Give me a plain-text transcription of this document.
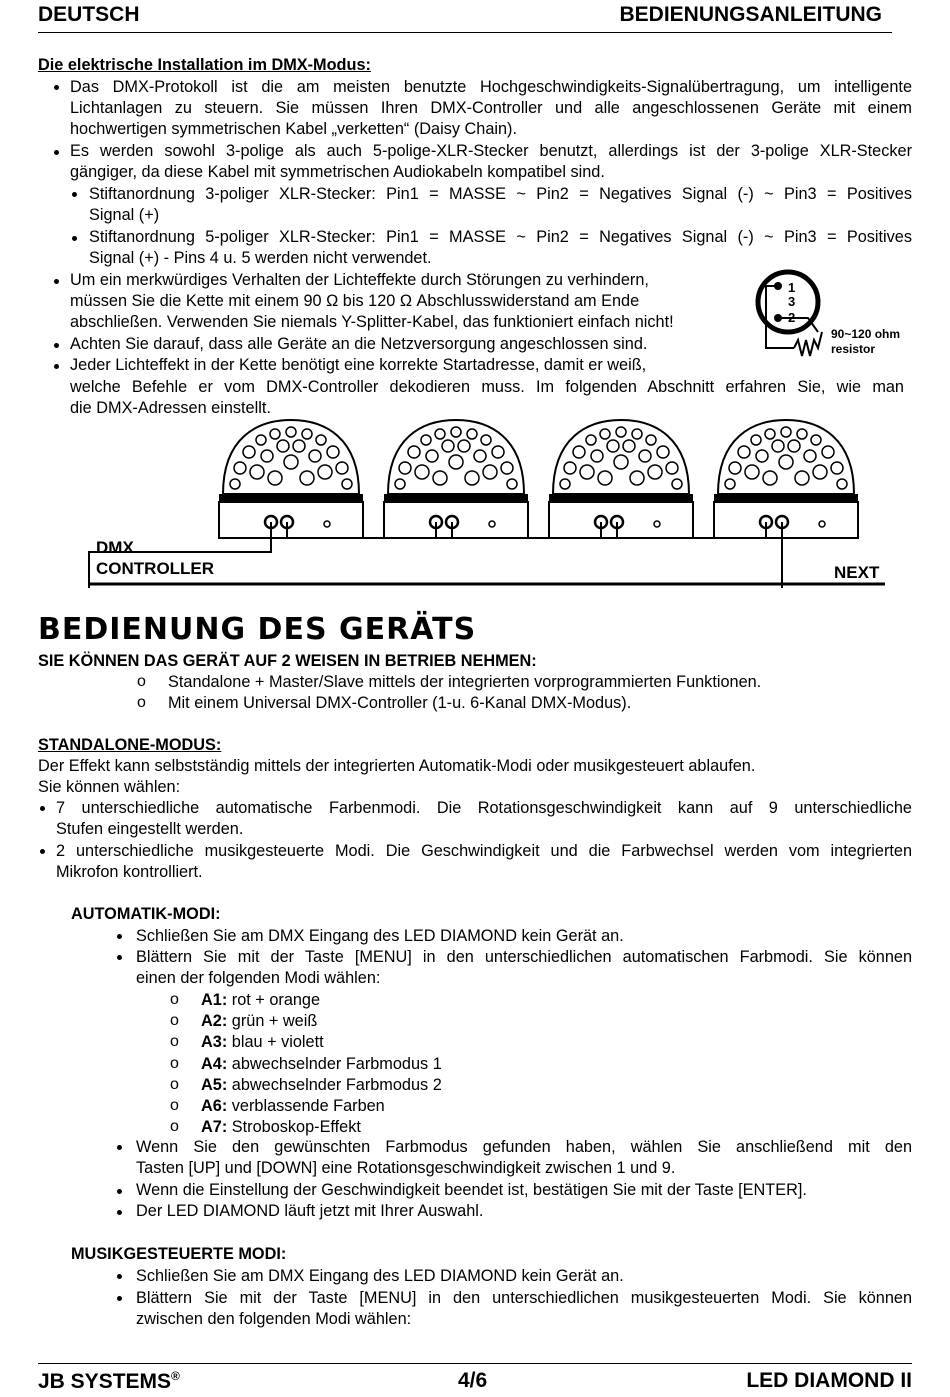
DEUTSCH	BEDIENUNGSANLEITUNG
Die elektrische Installation im DMX-Modus:
Das DMX-Protokoll ist die am meisten benutzte Hochgeschwindigkeits-Signalübertragung, um intelligente
Lichtanlagen zu steuern. Sie müssen Ihren DMX-Controller und alle angeschlossenen Geräte mit einem
hochwertigen symmetrischen Kabel „verketten“ (Daisy Chain).
Es werden sowohl 3-polige als auch 5-polige-XLR-Stecker benutzt, allerdings ist der 3-polige XLR-Stecker
gängiger, da diese Kabel mit symmetrischen Audiokabeln kompatibel sind.
Stiftanordnung 3-poliger XLR-Stecker: Pin1 = MASSE ~ Pin2 = Negatives Signal (-) ~ Pin3 = Positives
Signal (+)
Stiftanordnung 5-poliger XLR-Stecker: Pin1 = MASSE ~ Pin2 = Negatives Signal (-) ~ Pin3 = Positives
Signal (+) - Pins 4 u. 5 werden nicht verwendet.
Um ein merkwürdiges Verhalten der Lichteffekte durch Störungen zu verhindern,
müssen Sie die Kette mit einem 90 Ω bis 120 Ω Abschlusswiderstand am Ende
abschließen. Verwenden Sie niemals Y-Splitter-Kabel, das funktioniert einfach nicht!
Achten Sie darauf, dass alle Geräte an die Netzversorgung angeschlossen sind.
Jeder Lichteffekt in der Kette benötigt eine korrekte Startadresse, damit er weiß,
welche Befehle er vom DMX-Controller dekodieren muss. Im folgenden Abschnitt erfahren Sie, wie man
die DMX-Adressen einstellt.
1
3
2
90~120 ohm
resistor
DMX
CONTROLLER	NEXT
BEDIENUNG DES GERÄTS
SIE KÖNNEN DAS GERÄT AUF 2 WEISEN IN BETRIEB NEHMEN:
o Standalone + Master/Slave mittels der integrierten vorprogrammierten Funktionen.
o Mit einem Universal DMX-Controller (1-u. 6-Kanal DMX-Modus).
STANDALONE-MODUS:
Der Effekt kann selbstständig mittels der integrierten Automatik-Modi oder musikgesteuert ablaufen.
Sie können wählen:
7 unterschiedliche automatische Farbenmodi. Die Rotationsgeschwindigkeit kann auf 9 unterschiedliche
Stufen eingestellt werden.
2 unterschiedliche musikgesteuerte Modi. Die Geschwindigkeit und die Farbwechsel werden vom integrierten
Mikrofon kontrolliert.
AUTOMATIK-MODI:
Schließen Sie am DMX Eingang des LED DIAMOND kein Gerät an.
Blättern Sie mit der Taste [MENU] in den unterschiedlichen automatischen Farbmodi. Sie können
einen der folgenden Modi wählen:
o A1: rot + orange
o A2: grün + weiß
o A3: blau + violett
o A4: abwechselnder Farbmodus 1
o A5: abwechselnder Farbmodus 2
o A6: verblassende Farben
o A7: Stroboskop-Effekt
Wenn Sie den gewünschten Farbmodus gefunden haben, wählen Sie anschließend mit den
Tasten [UP] und [DOWN] eine Rotationsgeschwindigkeit zwischen 1 und 9.
Wenn die Einstellung der Geschwindigkeit beendet ist, bestätigen Sie mit der Taste [ENTER].
Der LED DIAMOND läuft jetzt mit Ihrer Auswahl.
MUSIKGESTEUERTE MODI:
Schließen Sie am DMX Eingang des LED DIAMOND kein Gerät an.
Blättern Sie mit der Taste [MENU] in den unterschiedlichen musikgesteuerten Modi. Sie können
zwischen den folgenden Modi wählen:
JB SYSTEMS®	4/6	LED DIAMOND II
